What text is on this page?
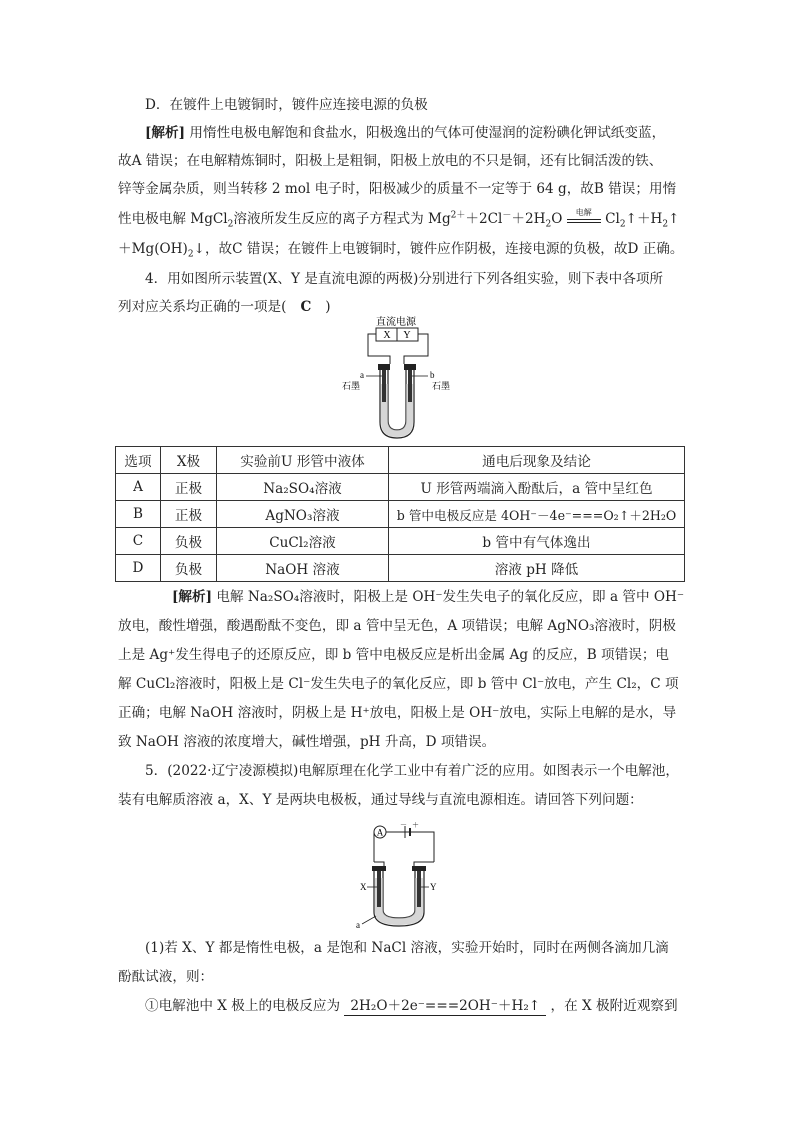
D．在镀件上电镀铜时，镀件应连接电源的负极
[解析] 用惰性电极电解饱和食盐水，阳极逸出的气体可使湿润的淀粉碘化钾试纸变蓝，
故A 错误；在电解精炼铜时，阳极上是粗铜，阳极上放电的不只是铜，还有比铜活泼的铁、
锌等金属杂质，则当转移 2 mol 电子时，阳极减少的质量不一定等于 64 g，故B 错误；用惰
性电极电解 MgCl$_2$溶液所发生反应的离子方程式为 $Mg^{2+}+2Cl^-+2H_2O$	电解 $Cl_2↑+H_2↑$
$+Mg(OH)_2↓$，故C 错误；在镀件上电镀铜时，镀件应作阴极，连接电源的负极，故D 正确。
4．用如图所示装置(X、Y 是直流电源的两极)分别进行下列各组实验，则下表中各项所
列对应关系均正确的一项是( C )
直流电源
X Y
a
石墨
b
石墨
选项	X极	实验前U 形管中液体	通电后现象及结论
A	正极	Na₂SO₄溶液	U 形管两端滴入酚酞后，a 管中呈红色
B	正极	AgNO₃溶液	b 管中电极反应是 4OH⁻－4e⁻===O₂↑＋2H₂O
C	负极	CuCl₂溶液	b 管中有气体逸出
D	负极	NaOH 溶液	溶液 pH 降低
[解析] 电解 Na₂SO₄溶液时，阳极上是 OH⁻发生失电子的氧化反应，即 a 管中 OH⁻
放电，酸性增强，酸遇酚酞不变色，即 a 管中呈无色，A 项错误；电解 AgNO₃溶液时，阴极
上是 Ag⁺发生得电子的还原反应，即 b 管中电极反应是析出金属 Ag 的反应，B 项错误；电
解 CuCl₂溶液时，阳极上是 Cl⁻发生失电子的氧化反应，即 b 管中 Cl⁻放电，产生 Cl₂，C 项
正确；电解 NaOH 溶液时，阴极上是 H⁺放电，阳极上是 OH⁻放电，实际上电解的是水，导
致 NaOH 溶液的浓度增大，碱性增强，pH 升高，D 项错误。
5．(2022·辽宁凌源模拟)电解原理在化学工业中有着广泛的应用。如图表示一个电解池，
装有电解质溶液 a，X、Y 是两块电极板，通过导线与直流电源相连。请回答下列问题：
A
－ ＋
X	Y
a
(1)若 X、Y 都是惰性电极，a 是饱和 NaCl 溶液，实验开始时，同时在两侧各滴加几滴
酚酞试液，则：
①电解池中 X 极上的电极反应为 2H₂O＋2e⁻===2OH⁻＋H₂↑ ，在 X 极附近观察到
